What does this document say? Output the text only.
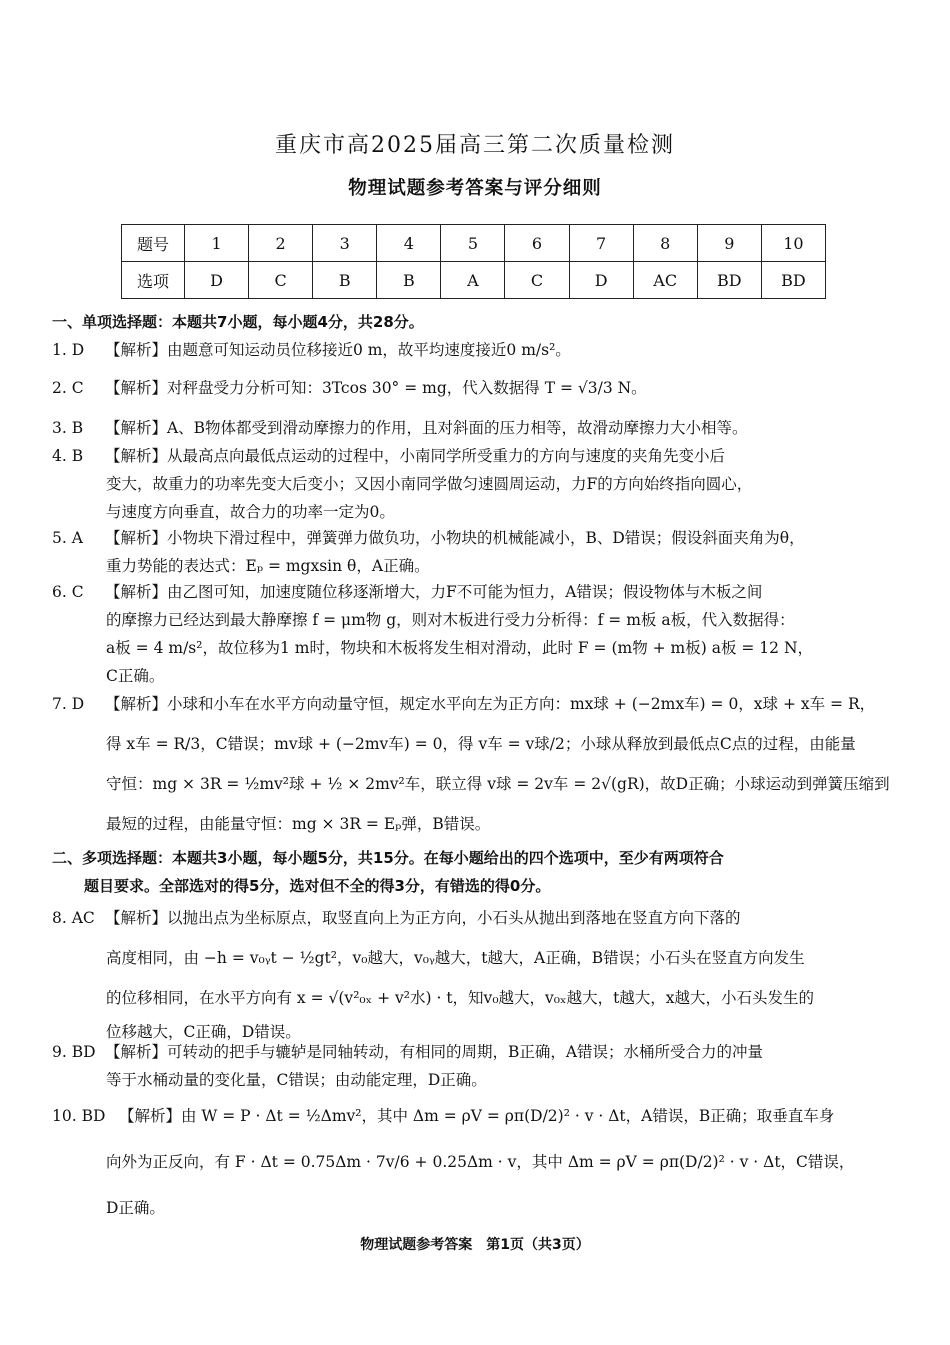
重庆市高2025届高三第二次质量检测
物理试题参考答案与评分细则
题号	1	2	3	4	5	6	7	8	9	10
选项	D	C	B	B	A	C	D	AC	BD	BD
一、单项选择题：本题共7小题，每小题4分，共28分。
1. D 【解析】由题意可知运动员位移接近0 m，故平均速度接近0 m/s²。
2. C 【解析】对秤盘受力分析可知：3Tcos 30° = mg，代入数据得 T = √3/3 N。
3. B 【解析】A、B物体都受到滑动摩擦力的作用，且对斜面的压力相等，故滑动摩擦力大小相等。
4. B 【解析】从最高点向最低点运动的过程中，小南同学所受重力的方向与速度的夹角先变小后
变大，故重力的功率先变大后变小；又因小南同学做匀速圆周运动，力F的方向始终指向圆心，
与速度方向垂直，故合力的功率一定为0。
5. A 【解析】小物块下滑过程中，弹簧弹力做负功，小物块的机械能减小，B、D错误；假设斜面夹角为θ，
重力势能的表达式：Eₚ = mgxsin θ，A正确。
6. C 【解析】由乙图可知，加速度随位移逐渐增大，力F不可能为恒力，A错误；假设物体与木板之间
的摩擦力已经达到最大静摩擦 f = μm物 g，则对木板进行受力分析得：f = m板 a板，代入数据得：
a板 = 4 m/s²，故位移为1 m时，物块和木板将发生相对滑动，此时 F = (m物 + m板) a板 = 12 N，
C正确。
7. D 【解析】小球和小车在水平方向动量守恒，规定水平向左为正方向：mx球 + (−2mx车) = 0，x球 + x车 = R，
得 x车 = R/3，C错误；mv球 + (−2mv车) = 0，得 v车 = v球/2；小球从释放到最低点C点的过程，由能量
守恒：mg × 3R = ½mv²球 + ½ × 2mv²车，联立得 v球 = 2v车 = 2√(gR)，故D正确；小球运动到弹簧压缩到
最短的过程，由能量守恒：mg × 3R = Eₚ弹，B错误。
二、多项选择题：本题共3小题，每小题5分，共15分。在每小题给出的四个选项中，至少有两项符合
题目要求。全部选对的得5分，选对但不全的得3分，有错选的得0分。
8. AC 【解析】以抛出点为坐标原点，取竖直向上为正方向，小石头从抛出到落地在竖直方向下落的
高度相同，由 −h = v₀ᵧt − ½gt²，v₀越大，v₀ᵧ越大，t越大，A正确，B错误；小石头在竖直方向发生
的位移相同，在水平方向有 x = √(v²₀ₓ + v²水) · t，知v₀越大，v₀ₓ越大，t越大，x越大，小石头发生的
位移越大，C正确，D错误。
9. BD 【解析】可转动的把手与辘轳是同轴转动，有相同的周期，B正确，A错误；水桶所受合力的冲量
等于水桶动量的变化量，C错误；由动能定理，D正确。
10. BD 【解析】由 W = P · Δt = ½Δmv²，其中 Δm = ρV = ρπ(D/2)² · v · Δt，A错误，B正确；取垂直车身
向外为正反向，有 F · Δt = 0.75Δm · 7v/6 + 0.25Δm · v，其中 Δm = ρV = ρπ(D/2)² · v · Δt，C错误，
D正确。
物理试题参考答案　第1页（共3页）
